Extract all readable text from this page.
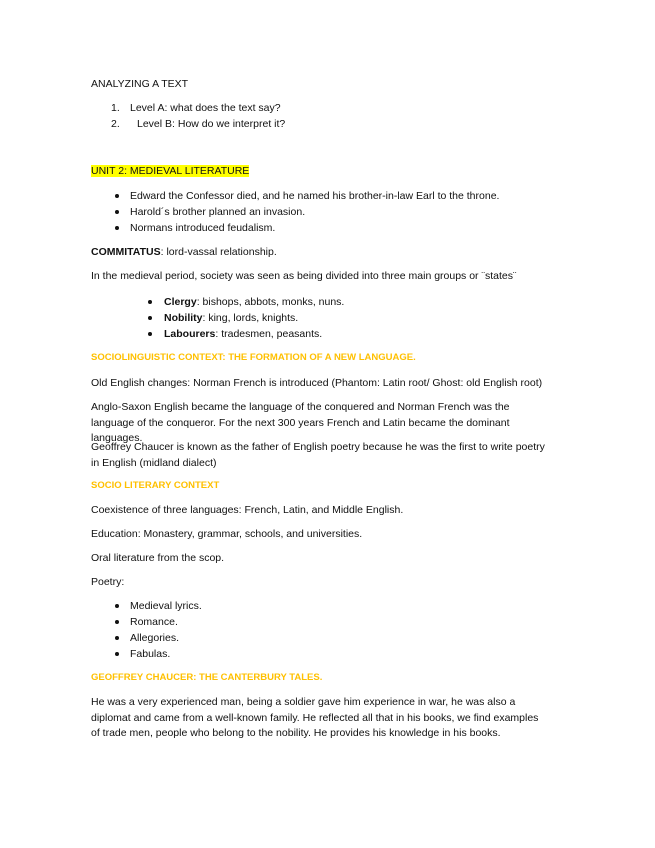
ANALYZING A TEXT
1. Level A: what does the text say?
2. Level B: How do we interpret it?
UNIT 2: MEDIEVAL LITERATURE
Edward the Confessor died, and he named his brother-in-law Earl to the throne.
Harold´s brother planned an invasion.
Normans introduced feudalism.
COMMITATUS: lord-vassal relationship.
In the medieval period, society was seen as being divided into three main groups or ¨states¨
Clergy: bishops, abbots, monks, nuns.
Nobility: king, lords, knights.
Labourers: tradesmen, peasants.
SOCIOLINGUISTIC CONTEXT: THE FORMATION OF A NEW LANGUAGE.
Old English changes: Norman French is introduced (Phantom: Latin root/ Ghost: old English root)
Anglo-Saxon English became the language of the conquered and Norman French was the language of the conqueror. For the next 300 years French and Latin became the dominant languages.
Geoffrey Chaucer is known as the father of English poetry because he was the first to write poetry in English (midland dialect)
SOCIO LITERARY CONTEXT
Coexistence of three languages: French, Latin, and Middle English.
Education: Monastery, grammar, schools, and universities.
Oral literature from the scop.
Poetry:
Medieval lyrics.
Romance.
Allegories.
Fabulas.
GEOFFREY CHAUCER: THE CANTERBURY TALES.
He was a very experienced man, being a soldier gave him experience in war, he was also a diplomat and came from a well-known family. He reflected all that in his books, we find examples of trade men, people who belong to the nobility. He provides his knowledge in his books.
